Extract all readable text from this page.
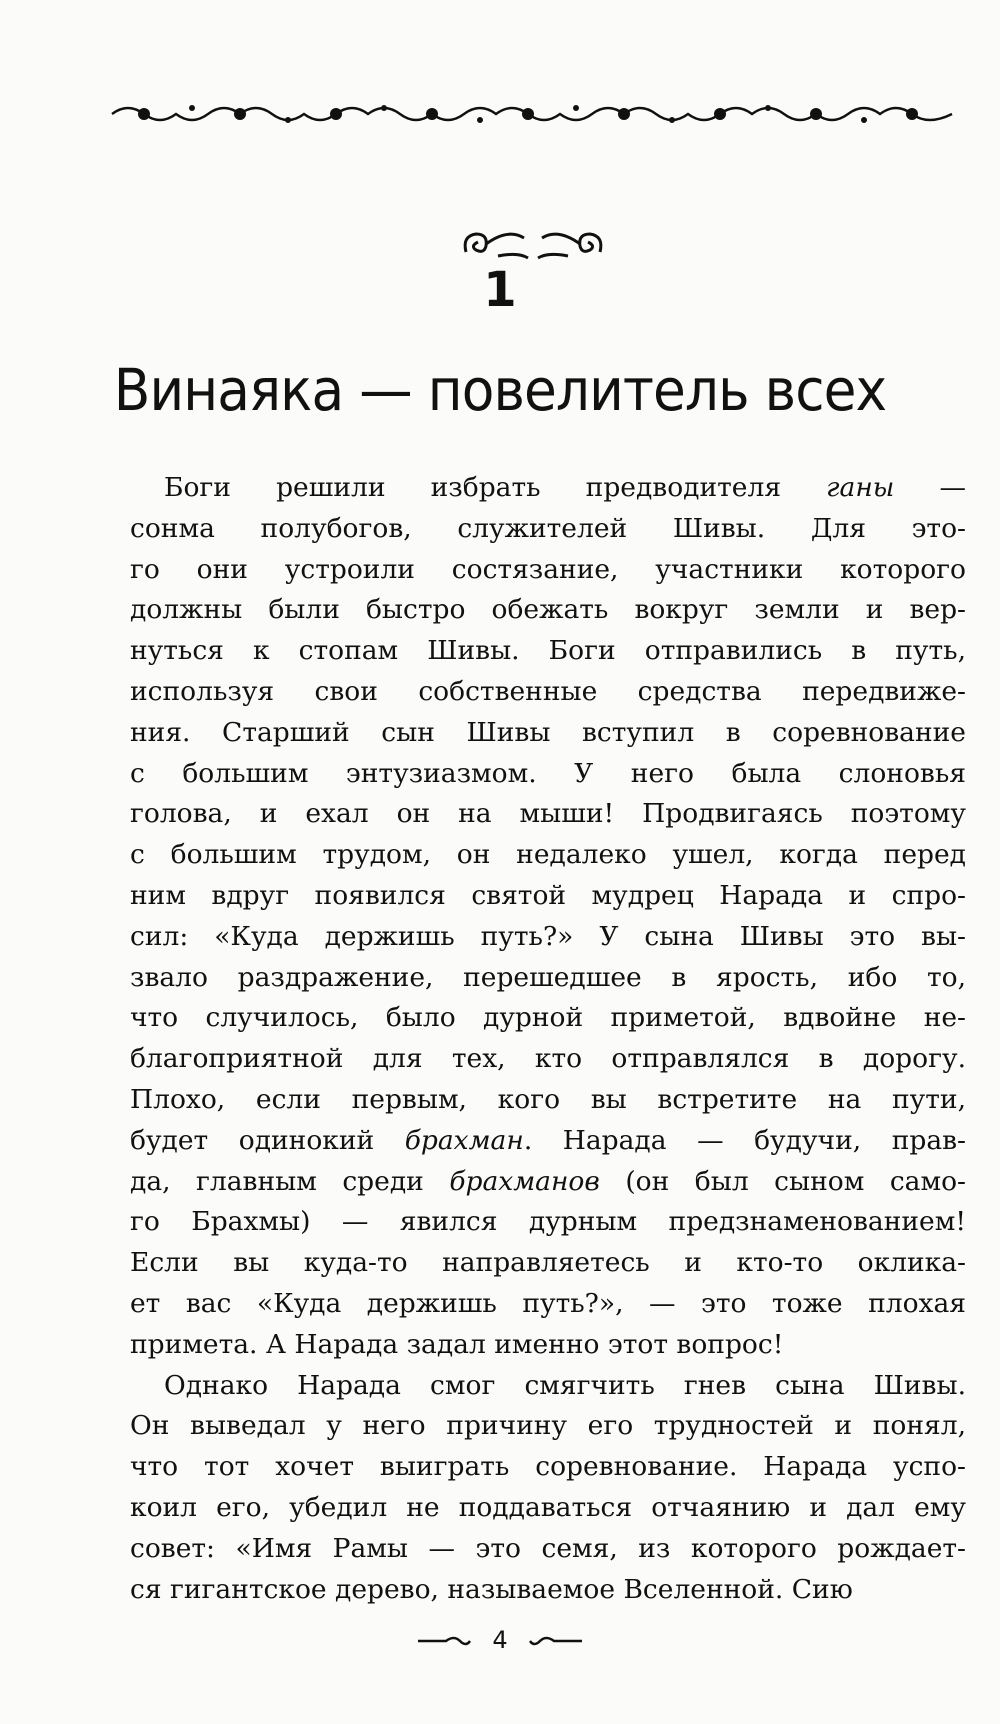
1
Винаяка — повелитель всех
Боги решили избрать предводителя ганы —
сонма полубогов, служителей Шивы. Для это-
го они устроили состязание, участники которого
должны были быстро обежать вокруг земли и вер-
нуться к стопам Шивы. Боги отправились в путь,
используя свои собственные средства передвиже-
ния. Старший сын Шивы вступил в соревнование
с большим энтузиазмом. У него была слоновья
голова, и ехал он на мыши! Продвигаясь поэтому
с большим трудом, он недалеко ушел, когда перед
ним вдруг появился святой мудрец Нарада и спро-
сил: «Куда держишь путь?» У сына Шивы это вы-
звало раздражение, перешедшее в ярость, ибо то,
что случилось, было дурной приметой, вдвойне не-
благоприятной для тех, кто отправлялся в дорогу.
Плохо, если первым, кого вы встретите на пути,
будет одинокий брахман. Нарада — будучи, прав-
да, главным среди брахманов (он был сыном само-
го Брахмы) — явился дурным предзнаменованием!
Если вы куда-то направляетесь и кто-то оклика-
ет вас «Куда держишь путь?», — это тоже плохая
примета. А Нарада задал именно этот вопрос!
Однако Нарада смог смягчить гнев сына Шивы.
Он выведал у него причину его трудностей и понял,
что тот хочет выиграть соревнование. Нарада успо-
коил его, убедил не поддаваться отчаянию и дал ему
совет: «Имя Рамы — это семя, из которого рождает-
ся гигантское дерево, называемое Вселенной. Сию
4
